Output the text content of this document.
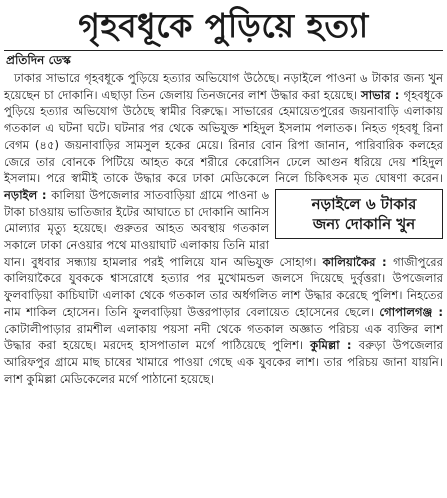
গৃহবধূকে পুড়িয়ে হত্যা
প্রতিদিন ডেস্ক

ঢাকার সাভারে গৃহবধূকে পুড়িয়ে হত্যার অভিযোগ উঠেছে। নড়াইলে পাওনা ৬ টাকার জন্য খুন হয়েছেন চা দোকানি। এছাড়া তিন জেলায় তিনজনের লাশ উদ্ধার করা হয়েছে। সাভার : গৃহবধূকে পুড়িয়ে হত্যার অভিযোগ উঠেছে স্বামীর বিরুদ্ধে। সাভারের হেমায়েতপুরের জয়নাবাড়ি এলাকায় গতকাল এ ঘটনা ঘটে। ঘটনার পর থেকে অভিযুক্ত শহিদুল ইসলাম পলাতক। নিহত গৃহবধূ রিনা বেগম (৪৫) জয়নাবাড়ির সামসুল হকের মেয়ে। রিনার বোন রিপা জানান, পারিবারিক কলহের জেরে তার বোনকে পিটিয়ে আহত করে শরীরে কেরোসিন ঢেলে আগুন ধরিয়ে দেয় শহিদুল ইসলাম। পরে স্বামীই তাকে উদ্ধার করে ঢাকা মেডিকেলে নিলে চিকিৎসক মৃত ঘোষণা করেন।
নড়াইলে ৬ টাকার
জন্য দোকানি খুন
নড়াইল : কালিয়া উপজেলার সাতবাড়িয়া গ্রামে পাওনা ৬ টাকা চাওয়ায় ভাতিজার ইটের আঘাতে চা দোকানি আনিস মোল্যার মৃত্যু হয়েছে। গুরুতর আহত অবস্থায় গতকাল সকালে ঢাকা নেওয়ার পথে মাওয়াঘাট এলাকায় তিনি মারা যান। বুধবার সন্ধ্যায় হামলার পরই পালিয়ে যান অভিযুক্ত সোহাগ। কালিয়াকৈর : গাজীপুরের কালিয়াকৈরে যুবককে শ্বাসরোধে হত্যার পর মুখোমন্ডল জলসে দিয়েছে দুর্বৃত্তরা। উপজেলার ফুলবাড়িয়া কাচিঘাটা এলাকা থেকে গতকাল তার অর্ধগলিত লাশ উদ্ধার করেছে পুলিশ। নিহতের নাম শাকিল হোসেন। তিনি ফুলবাড়িয়া উত্তরপাড়ার বেলায়েত হোসেনের ছেলে। গোপালগঞ্জ : কোটালীপাড়ার রামশীল এলাকায় পয়সা নদী থেকে গতকাল অজ্ঞাত পরিচয় এক ব্যক্তির লাশ উদ্ধার করা হয়েছে। মরদেহ হাসপাতাল মর্গে পাঠিয়েছে পুলিশ। কুমিল্লা : বরুড়া উপজেলার আরিফপুর গ্রামে মাছ চাষের খামারে পাওয়া গেছে এক যুবকের লাশ। তার পরিচয় জানা যায়নি। লাশ কুমিল্লা মেডিকেলের মর্গে পাঠানো হয়েছে।
